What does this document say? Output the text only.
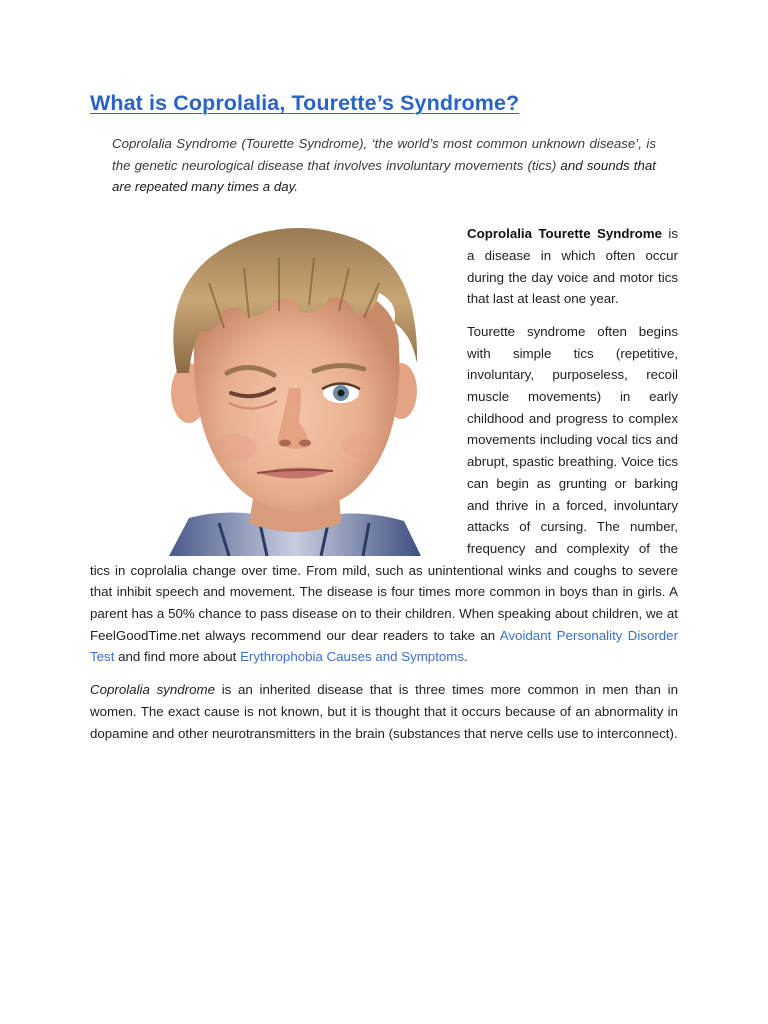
What is Coprolalia, Tourette’s Syndrome?

Coprolalia Syndrome (Tourette Syndrome), ‘the world’s most common unknown disease’, is the genetic neurological disease that involves involuntary movements (tics) and sounds that are repeated many times a day.

Coprolalia Tourette Syndrome is a disease in which often occur during the day voice and motor tics that last at least one year.

Tourette syndrome often begins with simple tics (repetitive, involuntary, purposeless, recoil muscle movements) in early childhood and progress to complex movements including vocal tics and abrupt, spastic breathing. Voice tics can begin as grunting or barking and thrive in a forced, involuntary attacks of cursing. The number, frequency and complexity of the tics in coprolalia change over time. From mild, such as unintentional winks and coughs to severe that inhibit speech and movement. The disease is four times more common in boys than in girls. A parent has a 50% chance to pass disease on to their children. When speaking about children, we at FeelGoodTime.net always recommend our dear readers to take an Avoidant Personality Disorder Test and find more about Erythrophobia Causes and Symptoms.

Coprolalia syndrome is an inherited disease that is three times more common in men than in women. The exact cause is not known, but it is thought that it occurs because of an abnormality in dopamine and other neurotransmitters in the brain (substances that nerve cells use to interconnect).
